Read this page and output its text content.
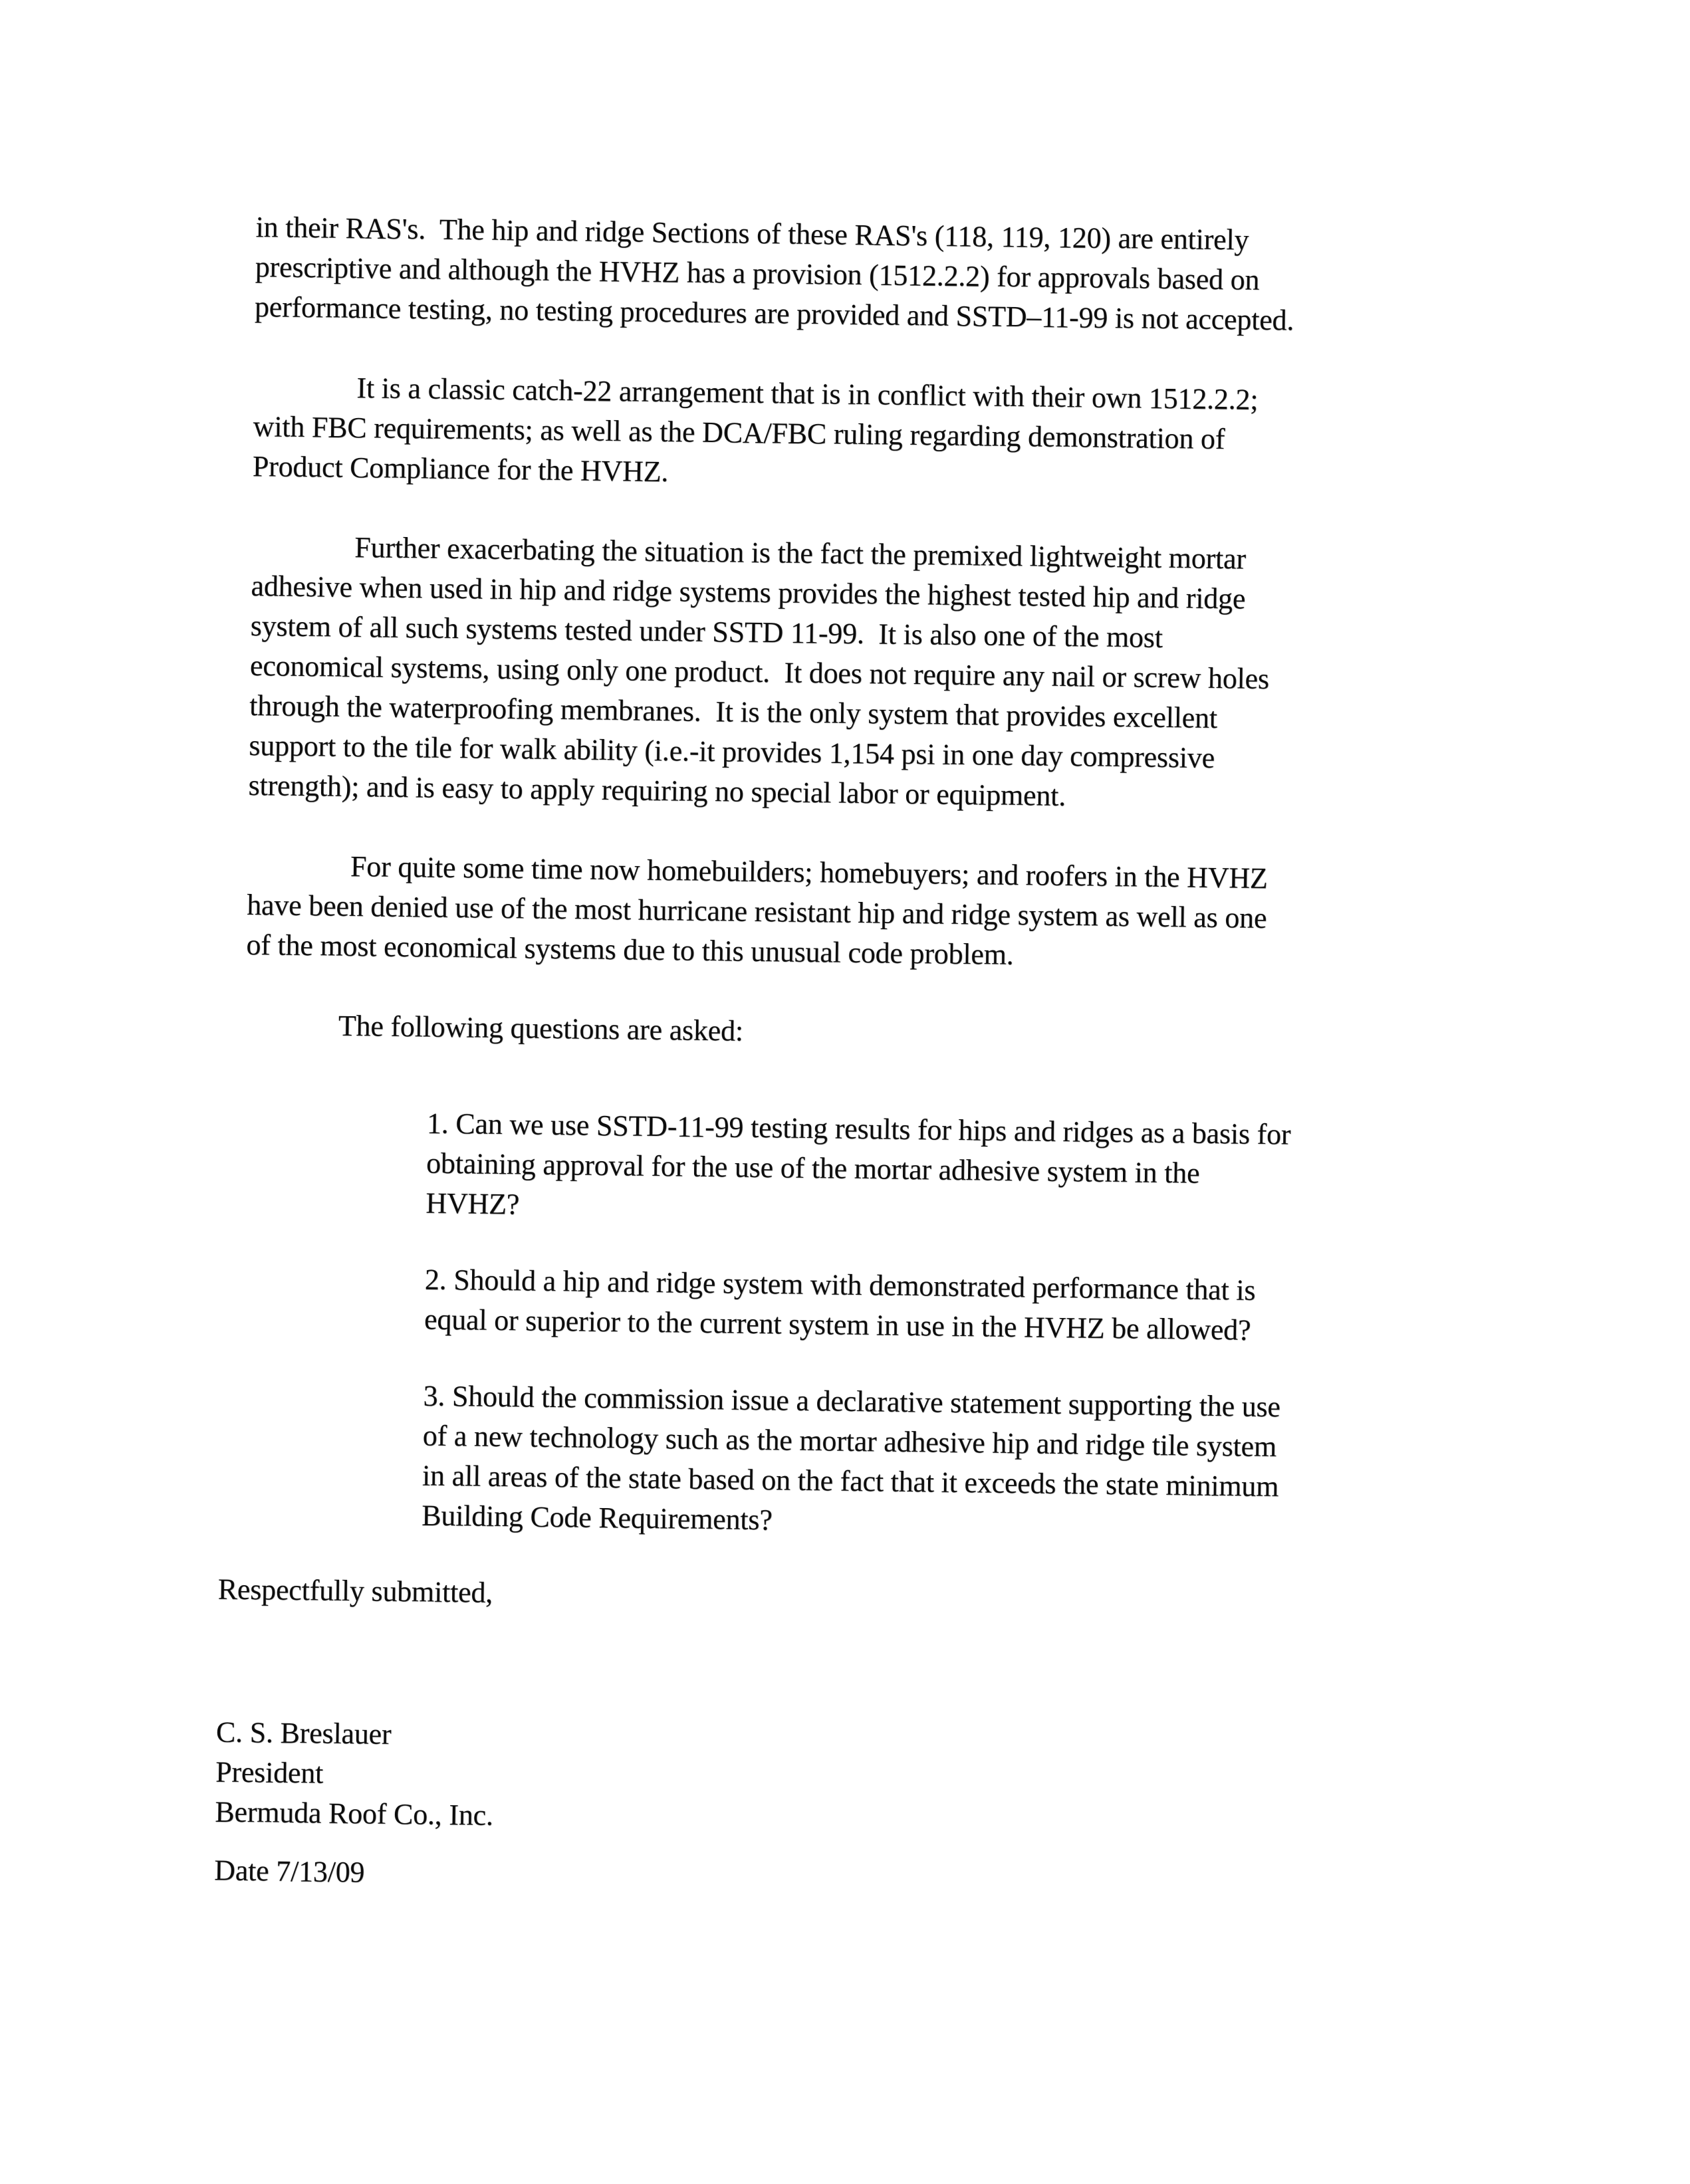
in their RAS's.  The hip and ridge Sections of these RAS's (118, 119, 120) are entirely
prescriptive and although the HVHZ has a provision (1512.2.2) for approvals based on
performance testing, no testing procedures are provided and SSTD–11-99 is not accepted.
It is a classic catch-22 arrangement that is in conflict with their own 1512.2.2;
with FBC requirements; as well as the DCA/FBC ruling regarding demonstration of
Product Compliance for the HVHZ.
Further exacerbating the situation is the fact the premixed lightweight mortar
adhesive when used in hip and ridge systems provides the highest tested hip and ridge
system of all such systems tested under SSTD 11-99.  It is also one of the most
economical systems, using only one product.  It does not require any nail or screw holes
through the waterproofing membranes.  It is the only system that provides excellent
support to the tile for walk ability (i.e.-it provides 1,154 psi in one day compressive
strength); and is easy to apply requiring no special labor or equipment.
For quite some time now homebuilders; homebuyers; and roofers in the HVHZ
have been denied use of the most hurricane resistant hip and ridge system as well as one
of the most economical systems due to this unusual code problem.
The following questions are asked:
1. Can we use SSTD-11-99 testing results for hips and ridges as a basis for
obtaining approval for the use of the mortar adhesive system in the
HVHZ?
2. Should a hip and ridge system with demonstrated performance that is
equal or superior to the current system in use in the HVHZ be allowed?
3. Should the commission issue a declarative statement supporting the use
of a new technology such as the mortar adhesive hip and ridge tile system
in all areas of the state based on the fact that it exceeds the state minimum
Building Code Requirements?
Respectfully submitted,
C. S. Breslauer
President
Bermuda Roof Co., Inc.
Date 7/13/09
